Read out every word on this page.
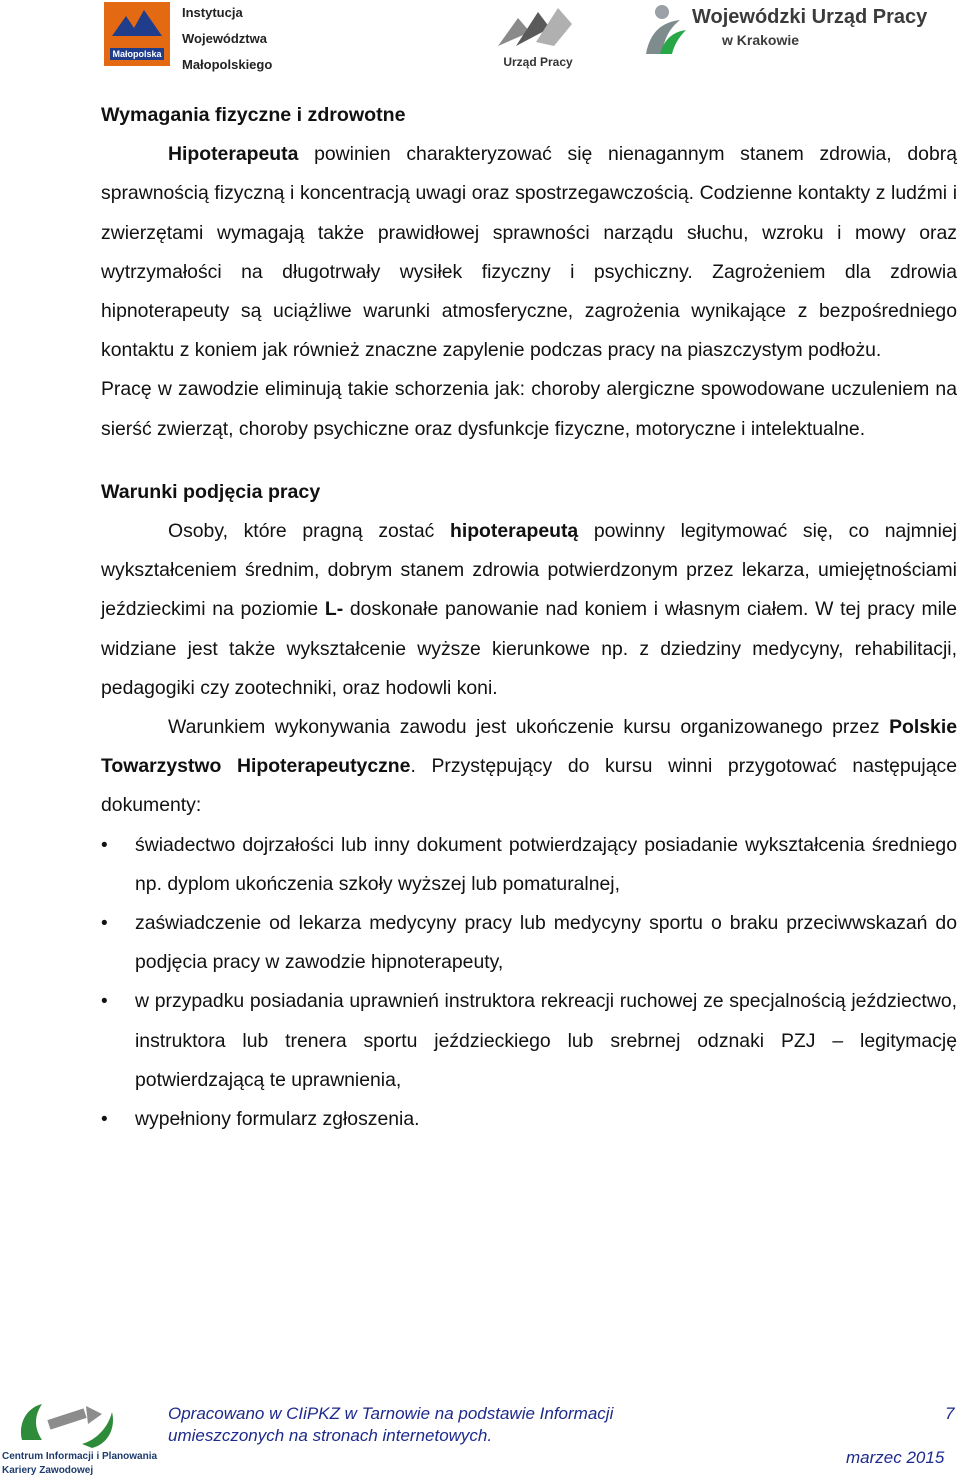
Małopolska
Instytucja
Województwa
Małopolskiego	Urząd Pracy
Wojewódzki Urząd Pracy
w Krakowie

Wymagania fizyczne i zdrowotne

Hipoterapeuta powinien charakteryzować się nienagannym stanem zdrowia, dobrą sprawnością fizyczną i koncentracją uwagi oraz spostrzegawczością. Codzienne kontakty z ludźmi i zwierzętami wymagają także prawidłowej sprawności narządu słuchu, wzroku i mowy oraz wytrzymałości na długotrwały wysiłek fizyczny i psychiczny. Zagrożeniem dla zdrowia hipnoterapeuty są uciążliwe warunki atmosferyczne, zagrożenia wynikające z bezpośredniego kontaktu z koniem jak również znaczne zapylenie podczas pracy na piaszczystym podłożu.

Pracę w zawodzie eliminują takie schorzenia jak: choroby alergiczne spowodowane uczuleniem na sierść zwierząt, choroby psychiczne oraz dysfunkcje fizyczne, motoryczne i intelektualne.

Warunki podjęcia pracy

Osoby, które pragną zostać hipoterapeutą powinny legitymować się, co najmniej wykształceniem średnim, dobrym stanem zdrowia potwierdzonym przez lekarza, umiejętnościami jeździeckimi na poziomie L- doskonałe panowanie nad koniem i własnym ciałem. W tej pracy mile widziane jest także wykształcenie wyższe kierunkowe np. z dziedziny medycyny, rehabilitacji, pedagogiki czy zootechniki, oraz hodowli koni.

Warunkiem wykonywania zawodu jest ukończenie kursu organizowanego przez Polskie Towarzystwo Hipoterapeutyczne. Przystępujący do kursu winni przygotować następujące dokumenty:

• świadectwo dojrzałości lub inny dokument potwierdzający posiadanie wykształcenia średniego np. dyplom ukończenia szkoły wyższej lub pomaturalnej,
• zaświadczenie od lekarza medycyny pracy lub medycyny sportu o braku przeciwwskazań do podjęcia pracy w zawodzie hipnoterapeuty,
• w przypadku posiadania uprawnień instruktora rekreacji ruchowej ze specjalnością jeździectwo, instruktora lub trenera sportu jeździeckiego lub srebrnej odznaki PZJ – legitymację potwierdzającą te uprawnienia,
• wypełniony formularz zgłoszenia.
Centrum Informacji i Planowania
Kariery Zawodowej
Opracowano w CIiPKZ w Tarnowie na podstawie Informacji
umieszczonych na stronach internetowych.
7
marzec 2015
